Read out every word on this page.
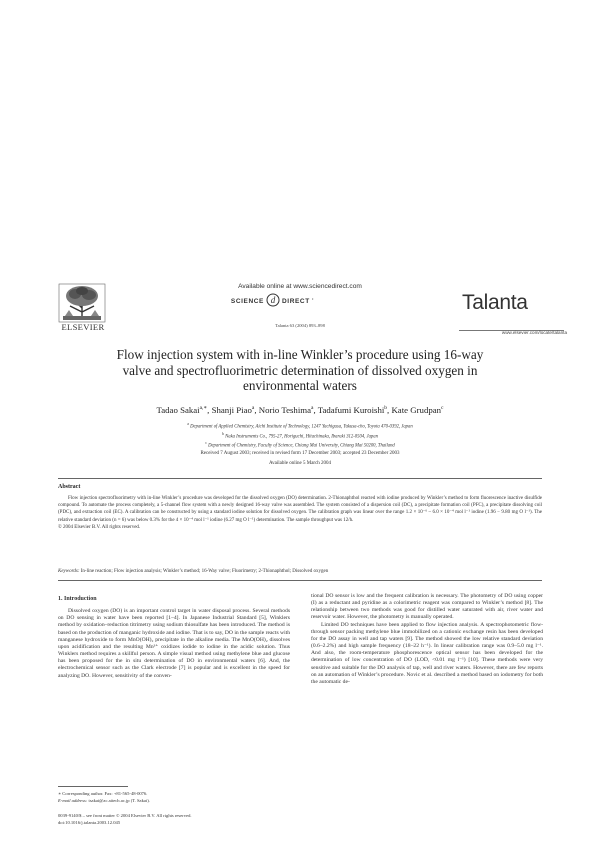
ELSEVIER
Available online at www.sciencedirect.com
SCIENCE d DIRECT •
Talanta 63 (2004) 893–898
Talanta
www.elsevier.com/locate/talanta
Flow injection system with in-line Winkler’s procedure using 16-way
valve and spectrofluorimetric determination of dissolved oxygen in
environmental waters
Tadao Sakai$^{a,∗}$, Shanji Piao$^a$, Norio Teshima$^a$, Tadafumi Kuroishi$^b$, Kate Grudpan$^c$
$^a$ Department of Applied Chemistry, Aichi Institute of Technology, 1247 Yachigusa, Yakusa-cho, Toyota 470-0392, Japan
$^b$ Naka Instruments Co., 795-27, Horiguchi, Hitachinaka, Ibaraki 312-0504, Japan
$^c$ Department of Chemistry, Faculty of Science, Chiang Mai University, Chiang Mai 50200, Thailand
Received 7 August 2003; received in revised form 17 December 2003; accepted 23 December 2003
Available online 5 March 2004
Abstract

Flow injection spectrofluorimetry with in-line Winkler’s procedure was developed for the dissolved oxygen (DO) determination. 2-Thionaphthol reacted with iodine produced by Winkler’s method to form fluorescence inactive disulfide compound. To automate the process completely, a 5-channel flow system with a newly designed 16-way valve was assembled. The system consisted of a dispersion coil (DC), a precipitate formation coil (PFC), a precipitate dissolving coil (PDC), and extraction coil (EC). A calibration can be constructed by using a standard iodine solution for dissolved oxygen. The calibration graph was linear over the range 1.2 × 10⁻⁶ – 6.0 × 10⁻⁴ mol l⁻¹ iodine (1.96 − 9.80 mg O l⁻¹). The relative standard deviation (n = 6) was below 0.3% for the 4 × 10⁻⁴ mol l⁻¹ iodine (6.27 mg O l⁻¹) determination. The sample throughput was 12/h.

© 2004 Elsevier B.V. All rights reserved.

Keywords: In-line reaction; Flow injection analysis; Winkler’s method; 16-Way valve; Fluorimetry; 2-Thionaphthol; Dissolved oxygen
1. Introduction

Dissolved oxygen (DO) is an important control target in water disposal process. Several methods on DO sensing in water have been reported [1–4]. In Japanese Industrial Standard [5], Winklers method by oxidation–reduction titrimetry using sodium thiosulfate has been introduced. The method is based on the production of manganic hydroxide and iodine. That is to say, DO in the sample reacts with manganese hydroxide to form MnO(OH)₂ precipitate in the alkaline media. The MnO(OH)₂ dissolves upon acidification and the resulting Mn³⁺ oxidizes iodide to iodine in the acidic solution. Thus Winklers method requires a skillful person. A simple visual method using methylene blue and glucose has been proposed for the in situ determination of DO in environmental waters [6]. And, the electrochemical sensor such as the Clark electrode [7] is popular and is excellent in the speed for analyzing DO. However, sensitivity of the conven-

tional DO sensor is low and the frequent calibration is necessary. The photometry of DO using copper (I) as a reductant and pyridine as a colorimetric reagent was compared to Winkler’s method [8]. The relationship between two methods was good for distilled water saturated with air, river water and reservoir water. However, the photometry is manually operated.

Limited DO techniques have been applied to flow injection analysis. A spectrophotometric flow-through sensor packing methylene blue immobilized on a cationic exchange resin has been developed for the DO assay in well and tap waters [9]. The method showed the low relative standard deviation (0.6–2.2%) and high sample frequency (18–22 h⁻¹). In linear calibration range was 0.9–5.0 mg l⁻¹. And also, the room-temperature phosphorescence optical sensor has been developed for the determination of low concentration of DO (LOD, <0.01 mg l⁻¹) [10]. These methods were very sensitive and suitable for the DO analysis of tap, well and river waters. However, there are few reports on an automation of Winkler’s procedure. Novic et al. described a method based on iodometry for both the automatic de-

∗ Corresponding author. Fax: +81-565-48-0076.
E-mail address: tsakai@ac.aitech.ac.jp (T. Sakai).
0039-9140/$ – see front matter © 2004 Elsevier B.V. All rights reserved.
doi:10.1016/j.talanta.2003.12.045
